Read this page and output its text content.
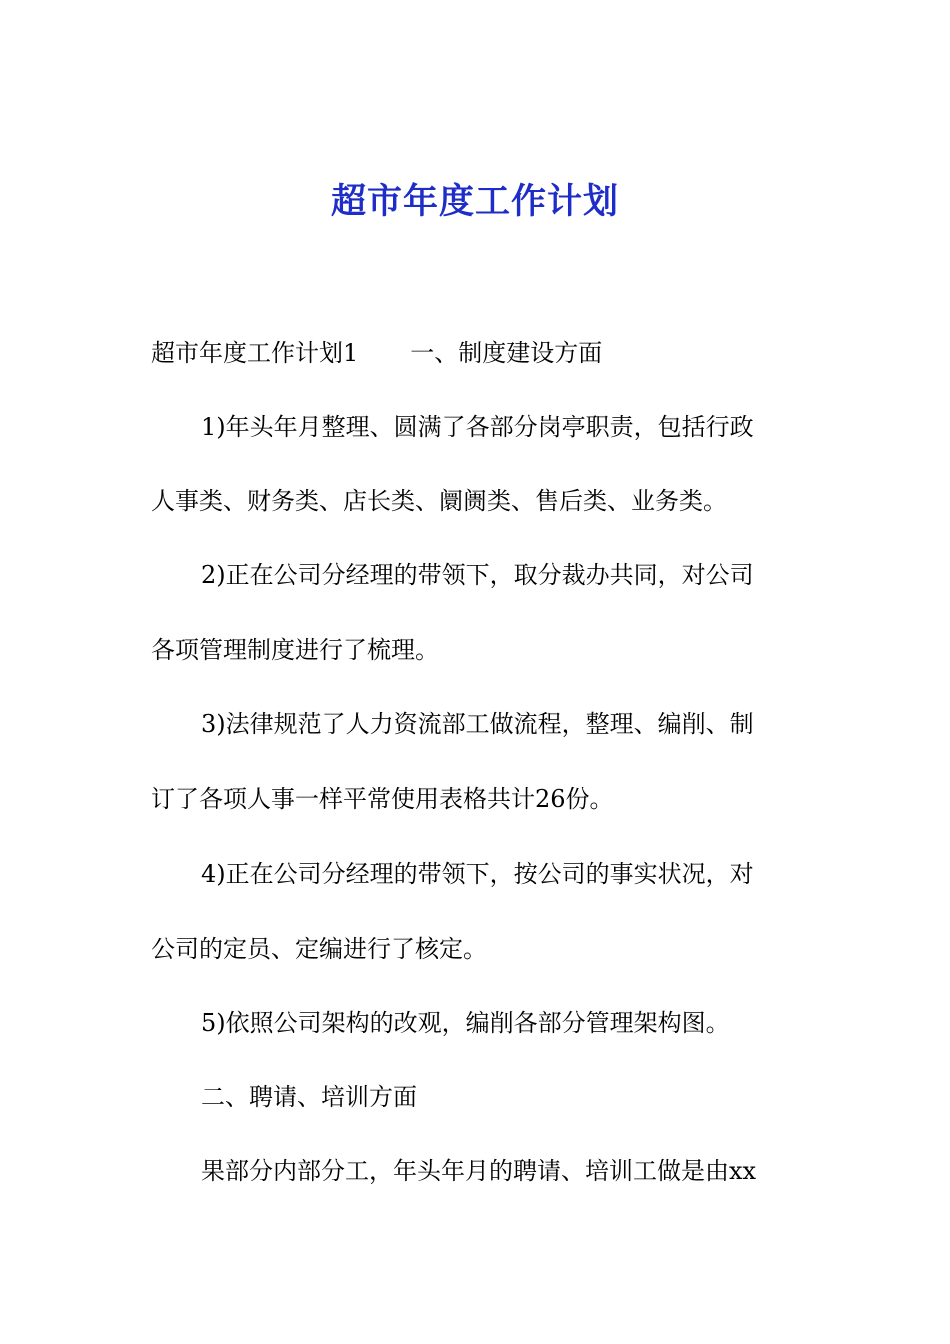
超市年度工作计划

超市年度工作计划1 一、制度建设方面

1)年头年月整理、圆满了各部分岗亭职责，包括行政

人事类、财务类、店长类、阛阓类、售后类、业务类。

2)正在公司分经理的带领下，取分裁办共同，对公司

各项管理制度进行了梳理。

3)法律规范了人力资流部工做流程，整理、编削、制

订了各项人事一样平常使用表格共计26份。

4)正在公司分经理的带领下，按公司的事实状况，对

公司的定员、定编进行了核定。

5)依照公司架构的改观，编削各部分管理架构图。

二、聘请、培训方面

果部分内部分工，年头年月的聘请、培训工做是由xx
